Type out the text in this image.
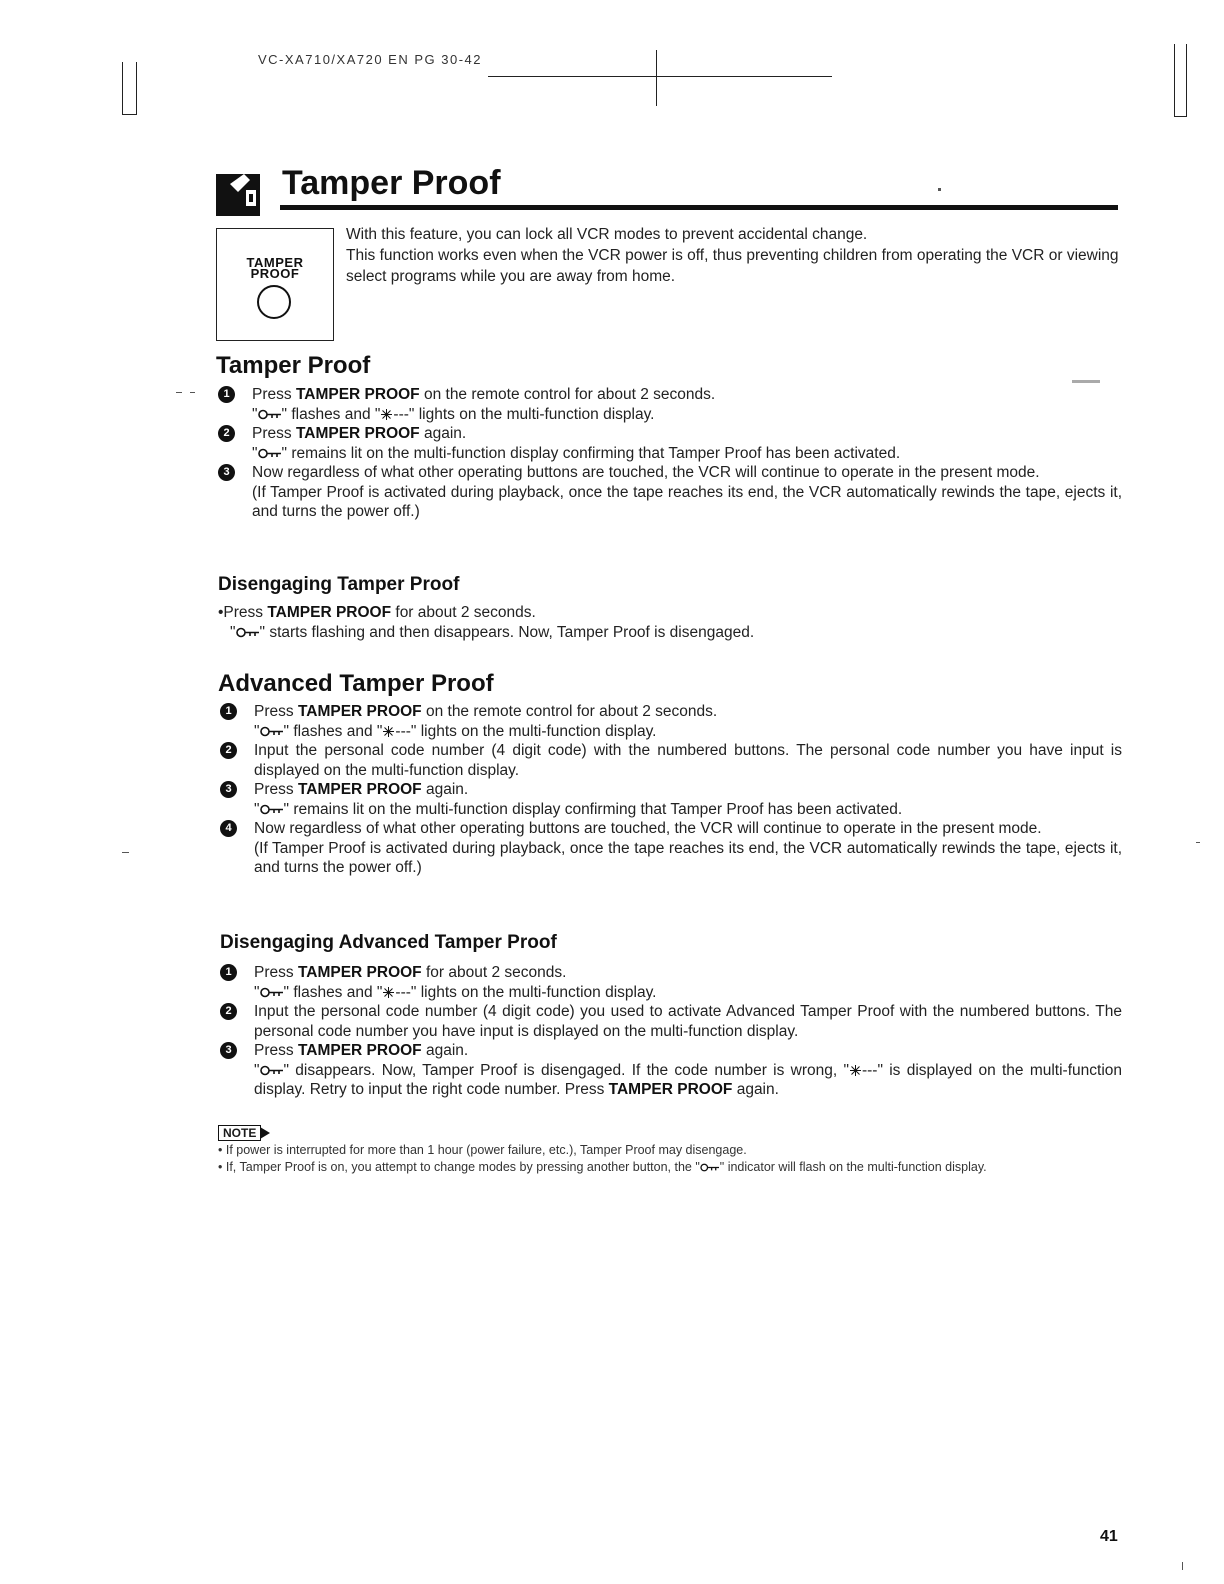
VC-XA710/XA720 EN PG 30-42
Tamper Proof
TAMPER
PROOF

With this feature, you can lock all VCR modes to prevent accidental change.

This function works even when the VCR power is off, thus preventing children from operating the VCR or viewing select programs while you are away from home.

Tamper Proof
1	Press TAMPER PROOF on the remote control for about 2 seconds.

" " flashes and " ---" lights on the multi-function display.

2	Press TAMPER PROOF again.

" " remains lit on the multi-function display confirming that Tamper Proof has been activated.

3	Now regardless of what other operating buttons are touched, the VCR will continue to operate in the present mode.

(If Tamper Proof is activated during playback, once the tape reaches its end, the VCR automatically rewinds the tape, ejects it, and turns the power off.)

Disengaging Tamper Proof

•Press TAMPER PROOF for about 2 seconds.

" " starts flashing and then disappears. Now, Tamper Proof is disengaged.

Advanced Tamper Proof
1	Press TAMPER PROOF on the remote control for about 2 seconds.

" " flashes and " ---" lights on the multi-function display.

2	Input the personal code number (4 digit code) with the numbered buttons. The personal code number you have input is displayed on the multi-function display.

3	Press TAMPER PROOF again.

" " remains lit on the multi-function display confirming that Tamper Proof has been activated.

4	Now regardless of what other operating buttons are touched, the VCR will continue to operate in the present mode.

(If Tamper Proof is activated during playback, once the tape reaches its end, the VCR automatically rewinds the tape, ejects it, and turns the power off.)

Disengaging Advanced Tamper Proof
1	Press TAMPER PROOF for about 2 seconds.

" " flashes and " ---" lights on the multi-function display.

2	Input the personal code number (4 digit code) you used to activate Advanced Tamper Proof with the numbered buttons. The personal code number you have input is displayed on the multi-function display.

3	Press TAMPER PROOF again.

" " disappears. Now, Tamper Proof is disengaged. If the code number is wrong, " ---" is displayed on the multi-function display. Retry to input the right code number. Press TAMPER PROOF again.

NOTE

• If power is interrupted for more than 1 hour (power failure, etc.), Tamper Proof may disengage.

• If, Tamper Proof is on, you attempt to change modes by pressing another button, the " " indicator will flash on the multi-function display.

41
